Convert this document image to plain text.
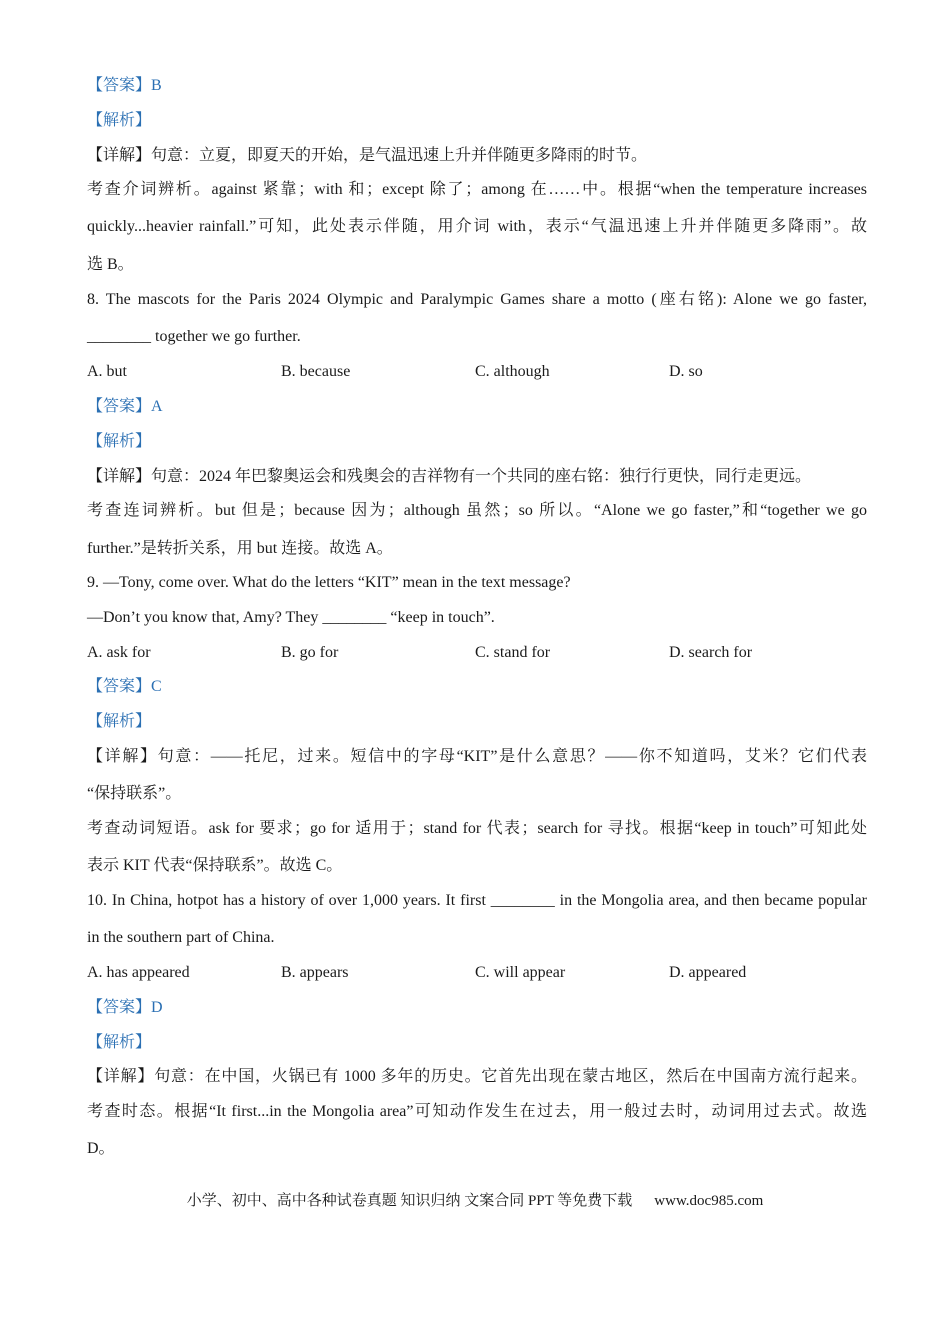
【答案】B
【解析】
【详解】句意：立夏，即夏天的开始，是气温迅速上升并伴随更多降雨的时节。
考查介词辨析。against 紧靠；with 和；except 除了；among 在……中。根据“when the temperature increases
quickly...heavier rainfall.”可知，此处表示伴随，用介词 with，表示“气温迅速上升并伴随更多降雨”。故
选 B。
8. The mascots for the Paris 2024 Olympic and Paralympic Games share a motto (座右铭): Alone we go faster,
________ together we go further.
A. but	B. because	C. although	D. so
【答案】A
【解析】
【详解】句意：2024 年巴黎奥运会和残奥会的吉祥物有一个共同的座右铭：独行行更快，同行走更远。
考查连词辨析。but 但是；because 因为；although 虽然；so 所以。“Alone we go faster,”和“together we go
further.”是转折关系，用 but 连接。故选 A。
9. —Tony, come over. What do the letters “KIT” mean in the text message?
—Don’t you know that, Amy? They ________ “keep in touch”.
A. ask for	B. go for	C. stand for	D. search for
【答案】C
【解析】
【详解】句意：——托尼，过来。短信中的字母“KIT”是什么意思？——你不知道吗，艾米？它们代表
“保持联系”。
考查动词短语。ask for 要求；go for 适用于；stand for 代表；search for 寻找。根据“keep in touch”可知此处
表示 KIT 代表“保持联系”。故选 C。
10. In China, hotpot has a history of over 1,000 years. It first ________ in the Mongolia area, and then became popular
in the southern part of China.
A. has appeared	B. appears	C. will appear	D. appeared
【答案】D
【解析】
【详解】句意：在中国，火锅已有 1000 多年的历史。它首先出现在蒙古地区，然后在中国南方流行起来。
考查时态。根据“It first...in the Mongolia area”可知动作发生在过去，用一般过去时，动词用过去式。故选
D。
小学、初中、高中各种试卷真题 知识归纳 文案合同 PPT 等免费下载 www.doc985.com
